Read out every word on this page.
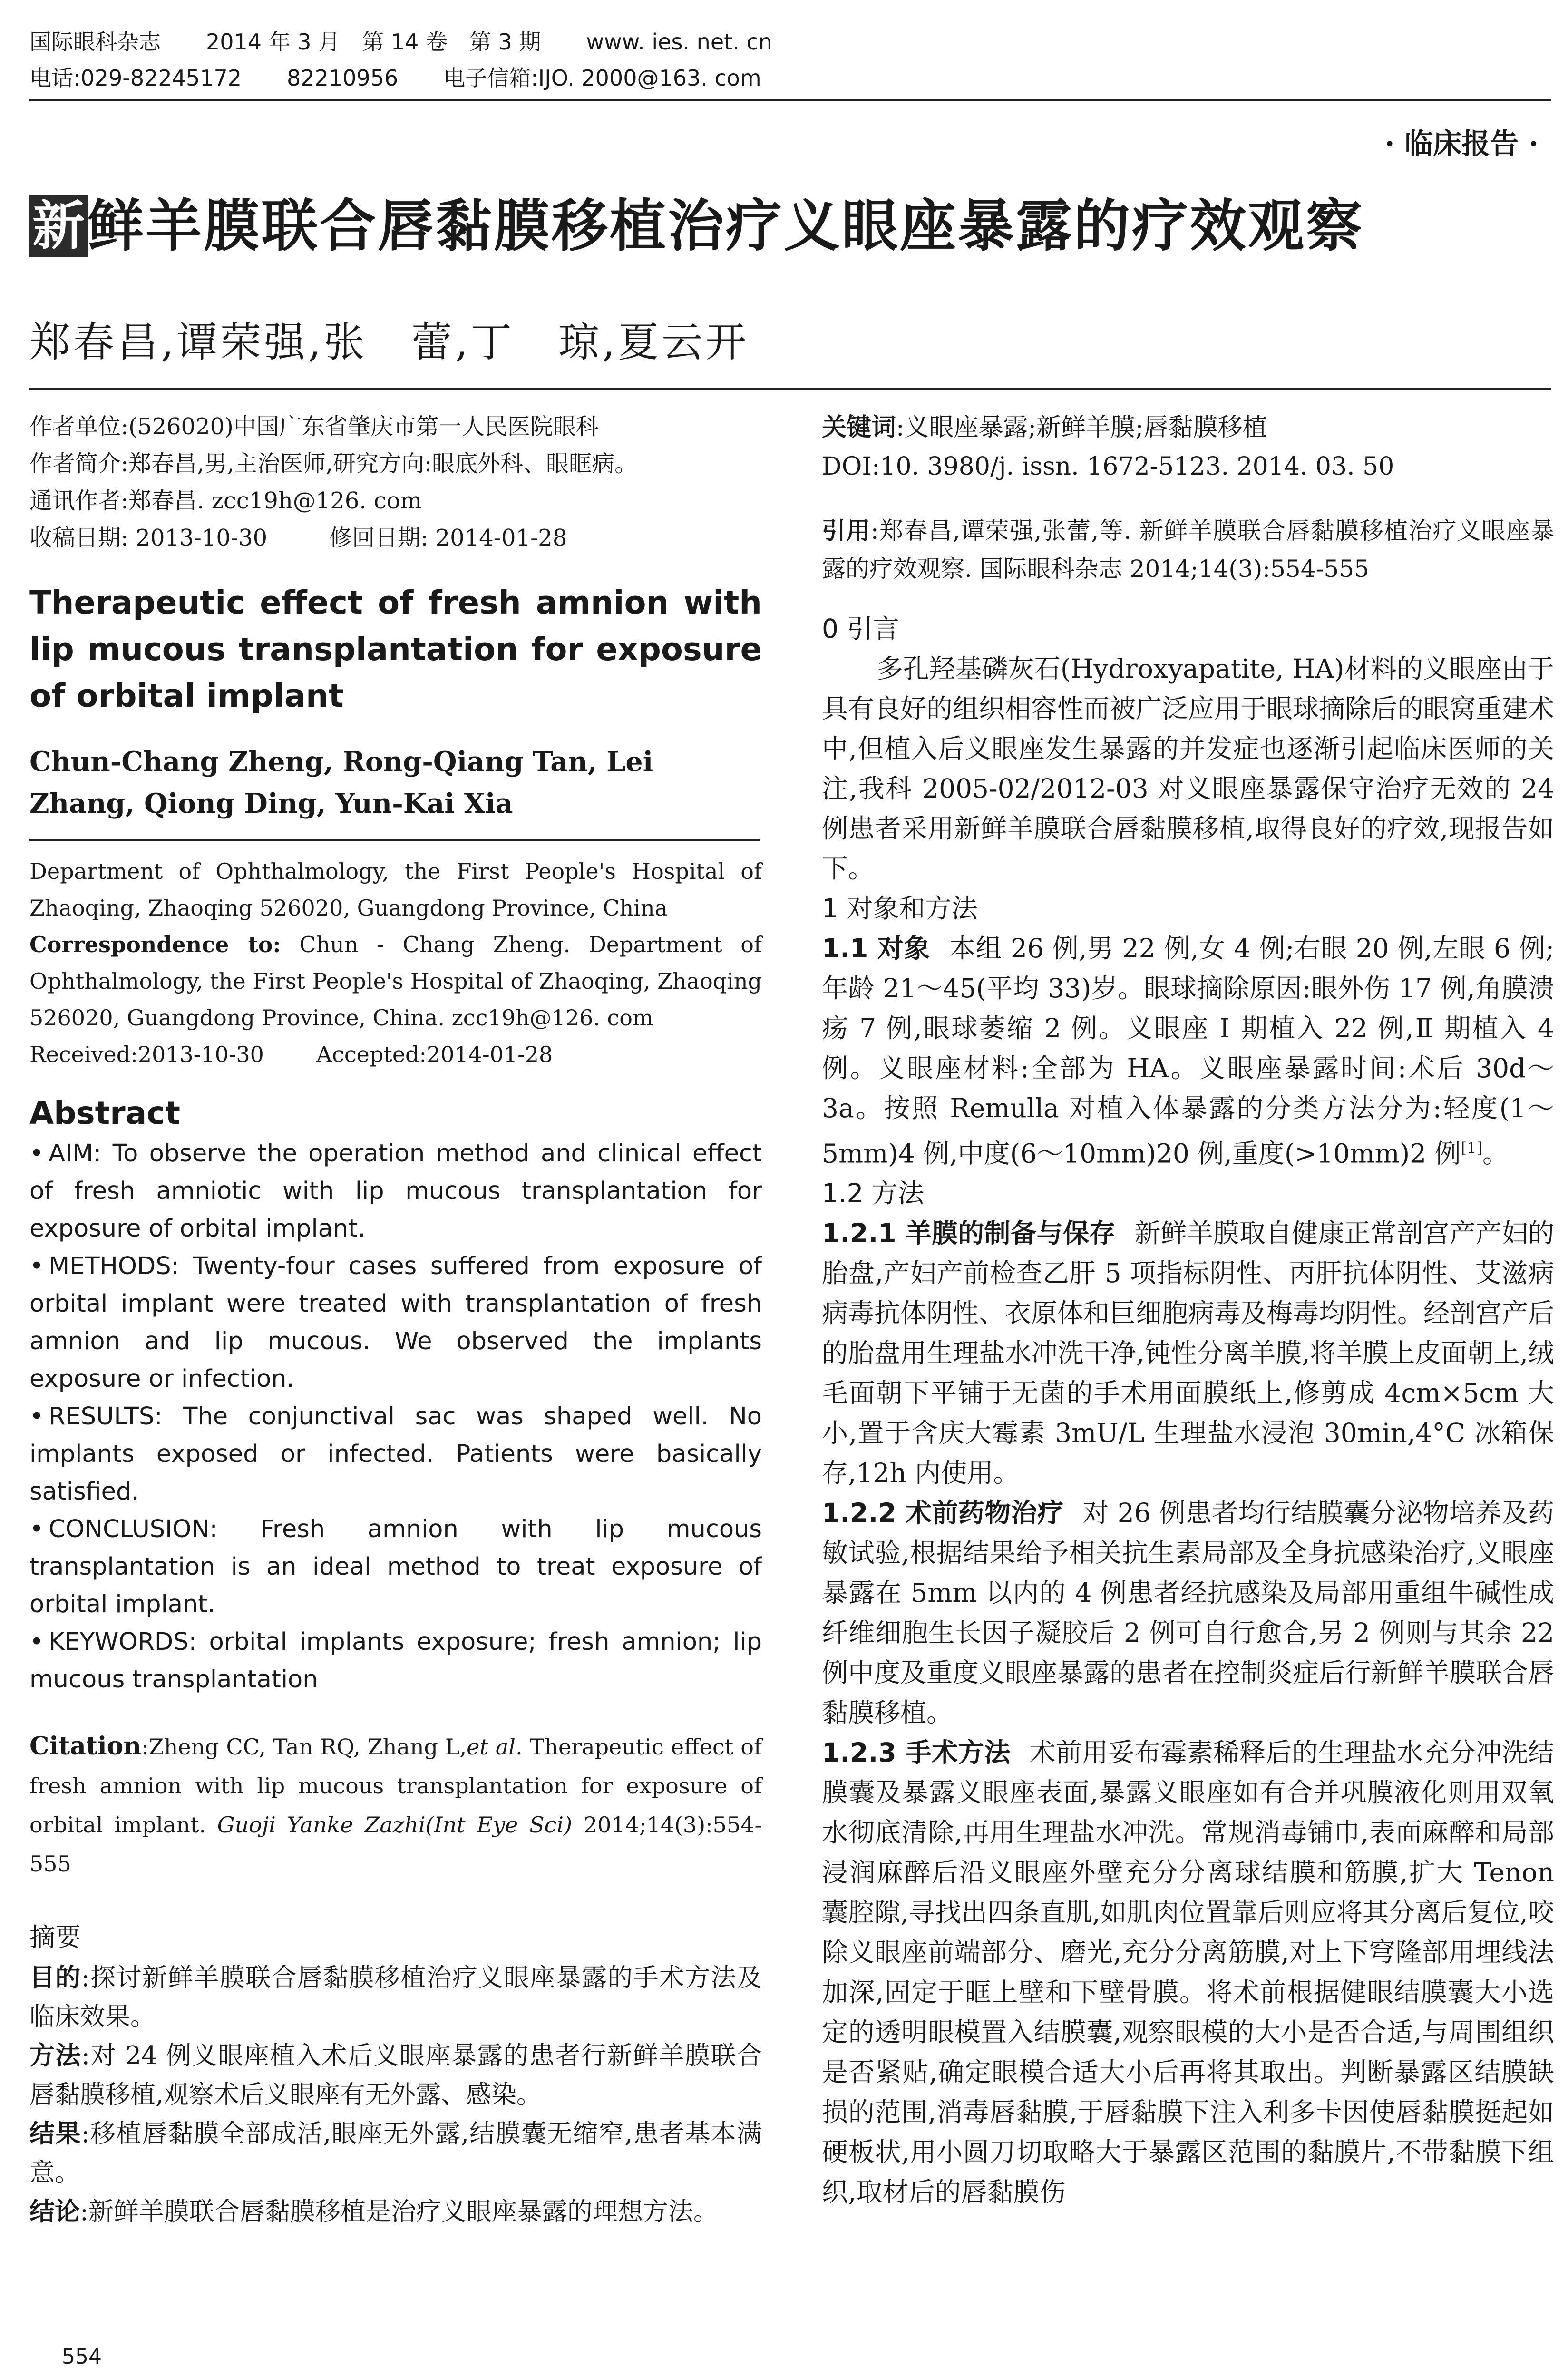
国际眼科杂志 2014 年 3 月　第 14 卷　第 3 期 www. ies. net. cn
电话:029-82245172 82210956 电子信箱:IJO. 2000@163. com
· 临床报告 ·
新鲜羊膜联合唇黏膜移植治疗义眼座暴露的疗效观察
郑春昌,谭荣强,张　蕾,丁　琼,夏云开
作者单位:(526020)中国广东省肇庆市第一人民医院眼科
作者简介:郑春昌,男,主治医师,研究方向:眼底外科、眼眶病。
通讯作者:郑春昌. zcc19h@126. com
收稿日期: 2013-10-30	修回日期: 2014-01-28
Therapeutic effect of fresh amnion with lip mucous transplantation for exposure of orbital implant
Chun-Chang Zheng, Rong-Qiang Tan, Lei Zhang, Qiong Ding, Yun-Kai Xia
Department of Ophthalmology, the First People's Hospital of Zhaoqing, Zhaoqing 526020, Guangdong Province, China
Correspondence to: Chun - Chang Zheng. Department of Ophthalmology, the First People's Hospital of Zhaoqing, Zhaoqing 526020, Guangdong Province, China. zcc19h@126. com
Received:2013-10-30 Accepted:2014-01-28
Abstract
• AIM: To observe the operation method and clinical effect of fresh amniotic with lip mucous transplantation for exposure of orbital implant.
• METHODS: Twenty-four cases suffered from exposure of orbital implant were treated with transplantation of fresh amnion and lip mucous. We observed the implants exposure or infection.
• RESULTS: The conjunctival sac was shaped well. No implants exposed or infected. Patients were basically satisfied.
• CONCLUSION: Fresh amnion with lip mucous transplantation is an ideal method to treat exposure of orbital implant.
• KEYWORDS: orbital implants exposure; fresh amnion; lip mucous transplantation
Citation:Zheng CC, Tan RQ, Zhang L,et al. Therapeutic effect of fresh amnion with lip mucous transplantation for exposure of orbital implant. Guoji Yanke Zazhi(Int Eye Sci) 2014;14(3):554-555
摘要
目的:探讨新鲜羊膜联合唇黏膜移植治疗义眼座暴露的手术方法及临床效果。
方法:对 24 例义眼座植入术后义眼座暴露的患者行新鲜羊膜联合唇黏膜移植,观察术后义眼座有无外露、感染。
结果:移植唇黏膜全部成活,眼座无外露,结膜囊无缩窄,患者基本满意。
结论:新鲜羊膜联合唇黏膜移植是治疗义眼座暴露的理想方法。
关键词:义眼座暴露;新鲜羊膜;唇黏膜移植
DOI:10. 3980/j. issn. 1672-5123. 2014. 03. 50
引用:郑春昌,谭荣强,张蕾,等. 新鲜羊膜联合唇黏膜移植治疗义眼座暴露的疗效观察. 国际眼科杂志 2014;14(3):554-555
0 引言
多孔羟基磷灰石(Hydroxyapatite, HA)材料的义眼座由于具有良好的组织相容性而被广泛应用于眼球摘除后的眼窝重建术中,但植入后义眼座发生暴露的并发症也逐渐引起临床医师的关注,我科 2005-02/2012-03 对义眼座暴露保守治疗无效的 24 例患者采用新鲜羊膜联合唇黏膜移植,取得良好的疗效,现报告如下。
1 对象和方法
1.1 对象 本组 26 例,男 22 例,女 4 例;右眼 20 例,左眼 6 例;年龄 21～45(平均 33)岁。眼球摘除原因:眼外伤 17 例,角膜溃疡 7 例,眼球萎缩 2 例。义眼座 Ⅰ 期植入 22 例,Ⅱ 期植入 4 例。义眼座材料:全部为 HA。义眼座暴露时间:术后 30d～3a。按照 Remulla 对植入体暴露的分类方法分为:轻度(1～5mm)4 例,中度(6～10mm)20 例,重度(>10mm)2 例[1]。
1.2 方法
1.2.1 羊膜的制备与保存 新鲜羊膜取自健康正常剖宫产产妇的胎盘,产妇产前检查乙肝 5 项指标阴性、丙肝抗体阴性、艾滋病病毒抗体阴性、衣原体和巨细胞病毒及梅毒均阴性。经剖宫产后的胎盘用生理盐水冲洗干净,钝性分离羊膜,将羊膜上皮面朝上,绒毛面朝下平铺于无菌的手术用面膜纸上,修剪成 4cm×5cm 大小,置于含庆大霉素 3mU/L 生理盐水浸泡 30min,4°C 冰箱保存,12h 内使用。
1.2.2 术前药物治疗 对 26 例患者均行结膜囊分泌物培养及药敏试验,根据结果给予相关抗生素局部及全身抗感染治疗,义眼座暴露在 5mm 以内的 4 例患者经抗感染及局部用重组牛碱性成纤维细胞生长因子凝胶后 2 例可自行愈合,另 2 例则与其余 22 例中度及重度义眼座暴露的患者在控制炎症后行新鲜羊膜联合唇黏膜移植。
1.2.3 手术方法 术前用妥布霉素稀释后的生理盐水充分冲洗结膜囊及暴露义眼座表面,暴露义眼座如有合并巩膜液化则用双氧水彻底清除,再用生理盐水冲洗。常规消毒铺巾,表面麻醉和局部浸润麻醉后沿义眼座外壁充分分离球结膜和筋膜,扩大 Tenon 囊腔隙,寻找出四条直肌,如肌肉位置靠后则应将其分离后复位,咬除义眼座前端部分、磨光,充分分离筋膜,对上下穹隆部用埋线法加深,固定于眶上壁和下壁骨膜。将术前根据健眼结膜囊大小选定的透明眼模置入结膜囊,观察眼模的大小是否合适,与周围组织是否紧贴,确定眼模合适大小后再将其取出。判断暴露区结膜缺损的范围,消毒唇黏膜,于唇黏膜下注入利多卡因使唇黏膜挺起如硬板状,用小圆刀切取略大于暴露区范围的黏膜片,不带黏膜下组织,取材后的唇黏膜伤
554
